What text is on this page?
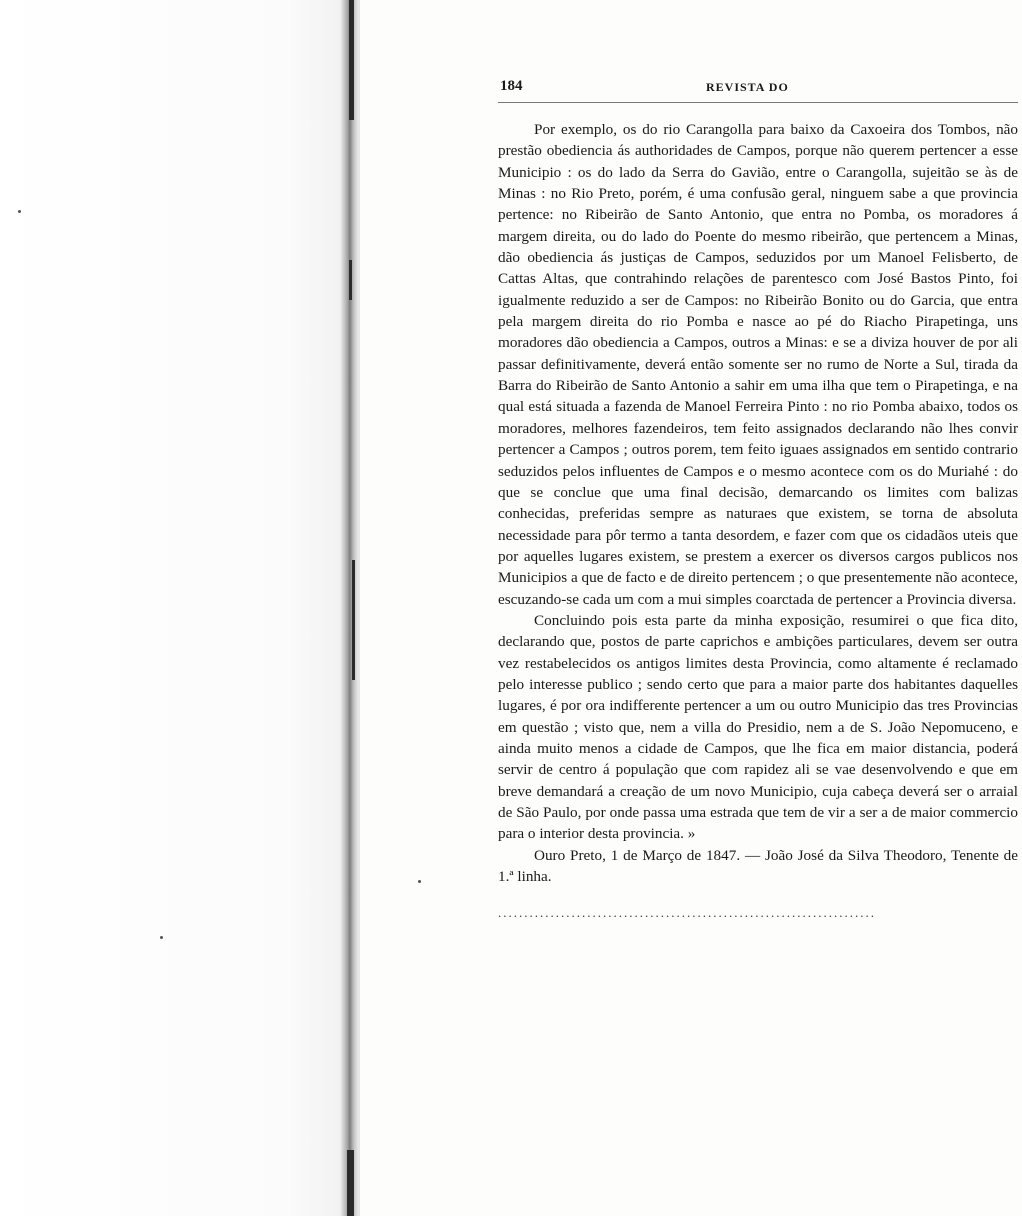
184	REVISTA DO

Por exemplo, os do rio Carangolla para baixo da Caxoeira dos Tombos, não prestão obediencia ás authoridades de Campos, porque não querem pertencer a esse Municipio : os do lado da Serra do Gavião, entre o Carangolla, sujeitão se às de Minas : no Rio Preto, porém, é uma confusão geral, ninguem sabe a que provincia pertence: no Ribeirão de Santo Antonio, que entra no Pomba, os moradores á margem direita, ou do lado do Poente do mesmo ribeirão, que pertencem a Minas, dão obediencia ás justiças de Campos, seduzidos por um Manoel Felisberto, de Cattas Altas, que contrahindo relações de parentesco com José Bastos Pinto, foi igualmente reduzido a ser de Campos: no Ribeirão Bonito ou do Garcia, que entra pela margem direita do rio Pomba e nasce ao pé do Riacho Pirapetinga, uns moradores dão obediencia a Campos, outros a Minas: e se a diviza houver de por ali passar definitivamente, deverá então somente ser no rumo de Norte a Sul, tirada da Barra do Ribeirão de Santo Antonio a sahir em uma ilha que tem o Pirapetinga, e na qual está situada a fazenda de Manoel Ferreira Pinto : no rio Pomba abaixo, todos os moradores, melhores fazendeiros, tem feito assignados declarando não lhes convir pertencer a Campos ; outros porem, tem feito iguaes assignados em sentido contrario seduzidos pelos influentes de Campos e o mesmo acontece com os do Muriahé : do que se conclue que uma final decisão, demarcando os limites com balizas conhecidas, preferidas sempre as naturaes que existem, se torna de absoluta necessidade para pôr termo a tanta desordem, e fazer com que os cidadãos uteis que por aquelles lugares existem, se prestem a exercer os diversos cargos publicos nos Municipios a que de facto e de direito pertencem ; o que presentemente não acontece, escuzando-se cada um com a mui simples coarctada de pertencer a Provincia diversa.

Concluindo pois esta parte da minha exposição, resumirei o que fica dito, declarando que, postos de parte caprichos e ambições particulares, devem ser outra vez restabelecidos os antigos limites desta Provincia, como altamente é reclamado pelo interesse publico ; sendo certo que para a maior parte dos habitantes daquelles lugares, é por ora indifferente pertencer a um ou outro Municipio das tres Provincias em questão ; visto que, nem a villa do Presidio, nem a de S. João Nepomuceno, e ainda muito menos a cidade de Campos, que lhe fica em maior distancia, poderá servir de centro á população que com rapidez ali se vae desenvolvendo e que em breve demandará a creação de um novo Municipio, cuja cabeça deverá ser o arraial de São Paulo, por onde passa uma estrada que tem de vir a ser a de maior commercio para o interior desta provincia. »

Ouro Preto, 1 de Março de 1847. — João José da Silva Theodoro, Tenente de 1.ª linha.

........................................................................
